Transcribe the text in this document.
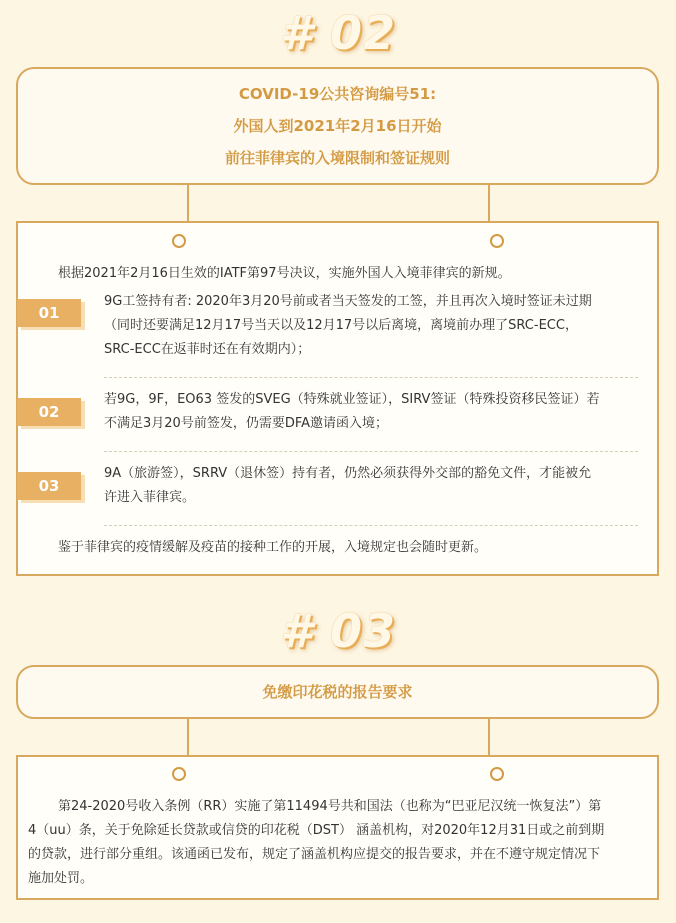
# 02
COVID-19公共咨询编号51:
外国人到2021年2月16日开始
前往菲律宾的入境限制和签证规则
根据2021年2月16日生效的IATF第97号决议，实施外国人入境菲律宾的新规。
01
9G工签持有者: 2020年3月20号前或者当天签发的工签，并且再次入境时签证未过期
（同时还要满足12月17号当天以及12月17号以后离境，离境前办理了SRC-ECC，
SRC-ECC在返菲时还在有效期内）；
02
若9G，9F，EO63 签发的SVEG（特殊就业签证），SIRV签证（特殊投资移民签证）若
不满足3月20号前签发，仍需要DFA邀请函入境；
03
9A（旅游签），SRRV（退休签）持有者，仍然必须获得外交部的豁免文件，才能被允
许进入菲律宾。
鉴于菲律宾的疫情缓解及疫苗的接种工作的开展，入境规定也会随时更新。
# 03
免缴印花税的报告要求
第24-2020号收入条例（RR）实施了第11494号共和国法（也称为“巴亚尼汉统一恢复法”）第
4（uu）条，关于免除延长贷款或信贷的印花税（DST） 涵盖机构，对2020年12月31日或之前到期
的贷款，进行部分重组。该通函已发布，规定了涵盖机构应提交的报告要求，并在不遵守规定情况下
施加处罚。
